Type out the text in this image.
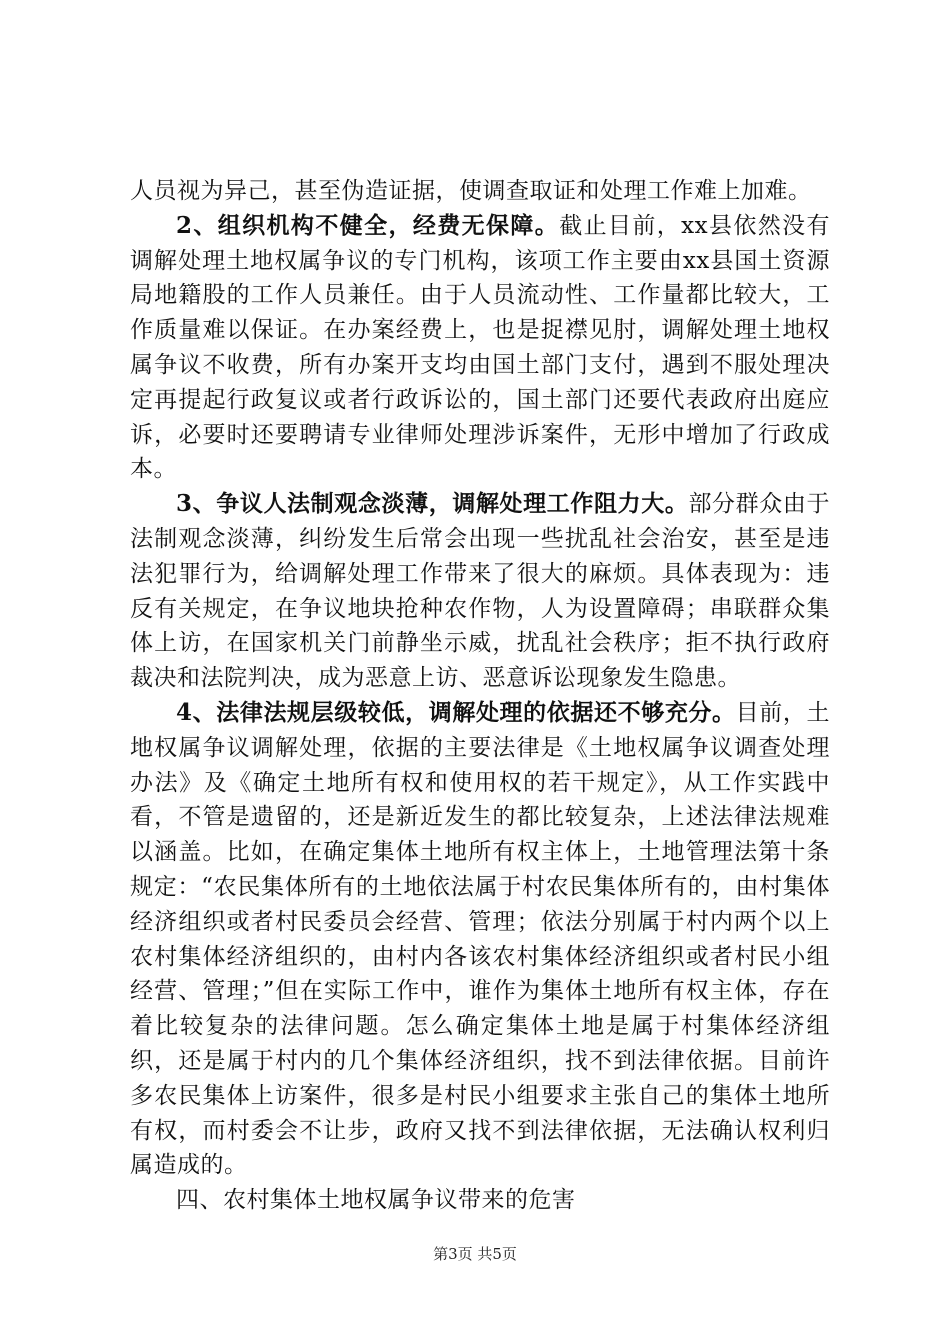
人员视为异己，甚至伪造证据，使调查取证和处理工作难上加难。

2、组织机构不健全，经费无保障。截止目前，xx县依然没有调解处理土地权属争议的专门机构，该项工作主要由xx县国土资源局地籍股的工作人员兼任。由于人员流动性、工作量都比较大，工作质量难以保证。在办案经费上，也是捉襟见肘，调解处理土地权属争议不收费，所有办案开支均由国土部门支付，遇到不服处理决定再提起行政复议或者行政诉讼的，国土部门还要代表政府出庭应诉，必要时还要聘请专业律师处理涉诉案件，无形中增加了行政成本。

3、争议人法制观念淡薄，调解处理工作阻力大。部分群众由于法制观念淡薄，纠纷发生后常会出现一些扰乱社会治安，甚至是违法犯罪行为，给调解处理工作带来了很大的麻烦。具体表现为：违反有关规定，在争议地块抢种农作物，人为设置障碍；串联群众集体上访，在国家机关门前静坐示威，扰乱社会秩序；拒不执行政府裁决和法院判决，成为恶意上访、恶意诉讼现象发生隐患。

4、法律法规层级较低，调解处理的依据还不够充分。目前，土地权属争议调解处理，依据的主要法律是《土地权属争议调查处理办法》及《确定土地所有权和使用权的若干规定》，从工作实践中看，不管是遗留的，还是新近发生的都比较复杂，上述法律法规难以涵盖。比如，在确定集体土地所有权主体上，土地管理法第十条规定：“农民集体所有的土地依法属于村农民集体所有的，由村集体经济组织或者村民委员会经营、管理；依法分别属于村内两个以上农村集体经济组织的，由村内各该农村集体经济组织或者村民小组经营、管理；”但在实际工作中，谁作为集体土地所有权主体，存在着比较复杂的法律问题。怎么确定集体土地是属于村集体经济组织，还是属于村内的几个集体经济组织，找不到法律依据。目前许多农民集体上访案件，很多是村民小组要求主张自己的集体土地所有权，而村委会不让步，政府又找不到法律依据，无法确认权利归属造成的。

四、农村集体土地权属争议带来的危害

第3页 共5页
